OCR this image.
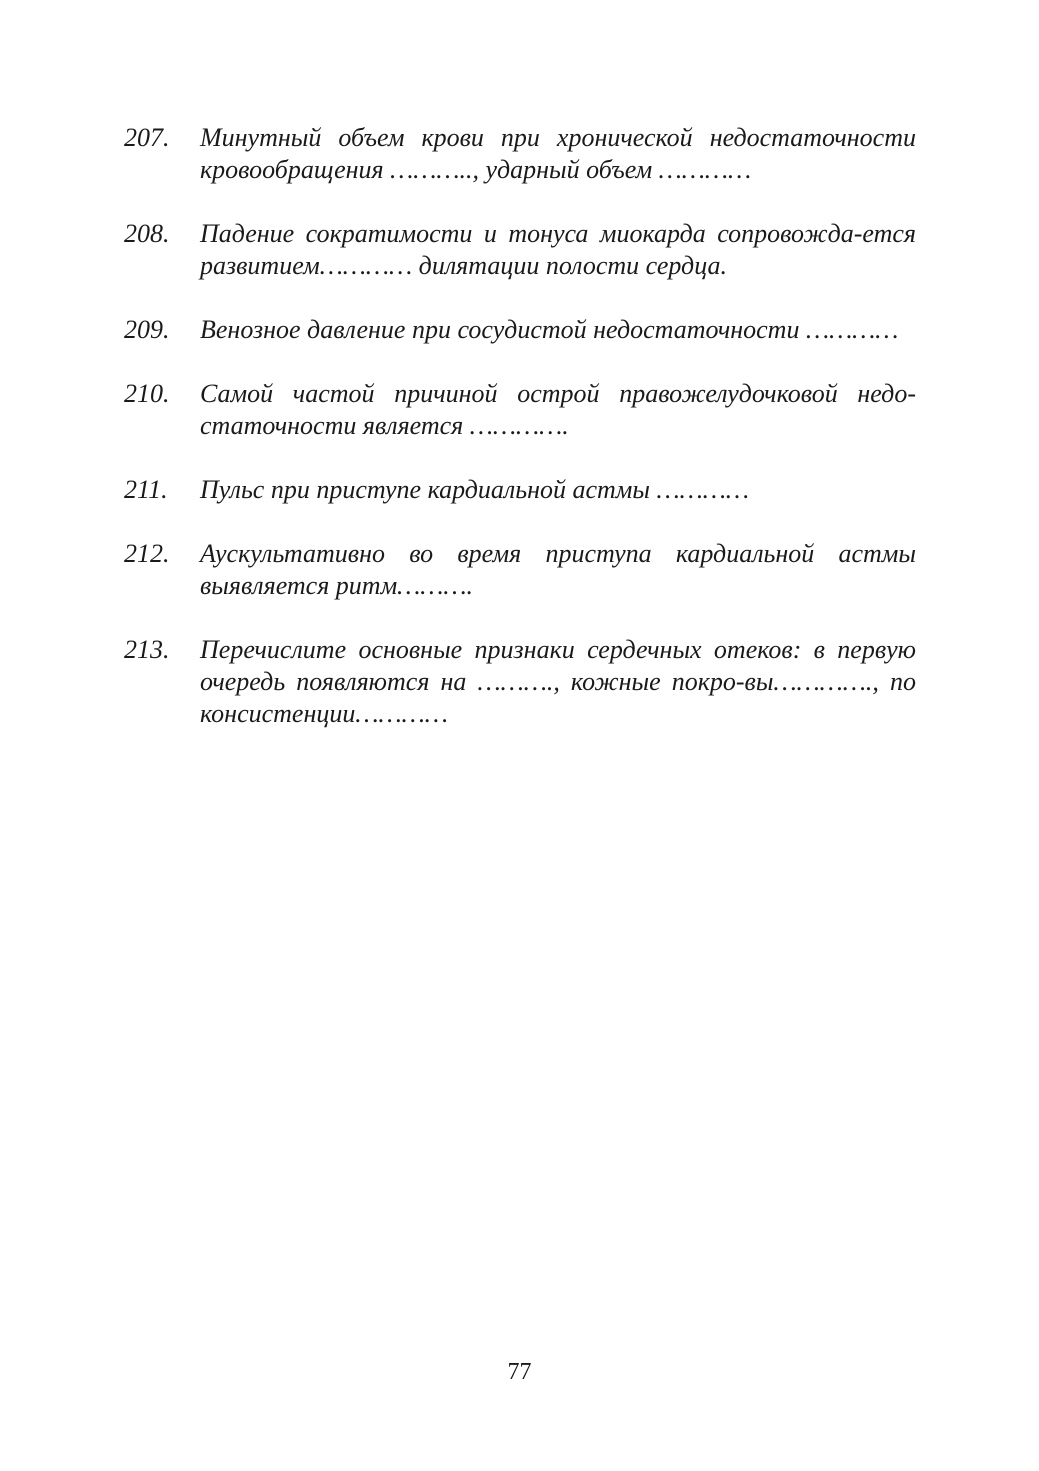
207.	Минутный объем крови при хронической недостаточности кровообращения ……….., ударный объем …………
208.	Падение сократимости и тонуса миокарда сопровожда-ется развитием………… дилятации полости сердца.
209.	Венозное давление при сосудистой недостаточности …………
210.	Самой частой причиной острой правожелудочковой недо-статочности является ………….
211.	Пульс при приступе кардиальной астмы …………
212.	Аускультативно во время приступа кардиальной астмы выявляется ритм……….
213.	Перечислите основные признаки сердечных отеков: в первую очередь появляются на ………., кожные покро-вы…………., по консистенции…………
77
